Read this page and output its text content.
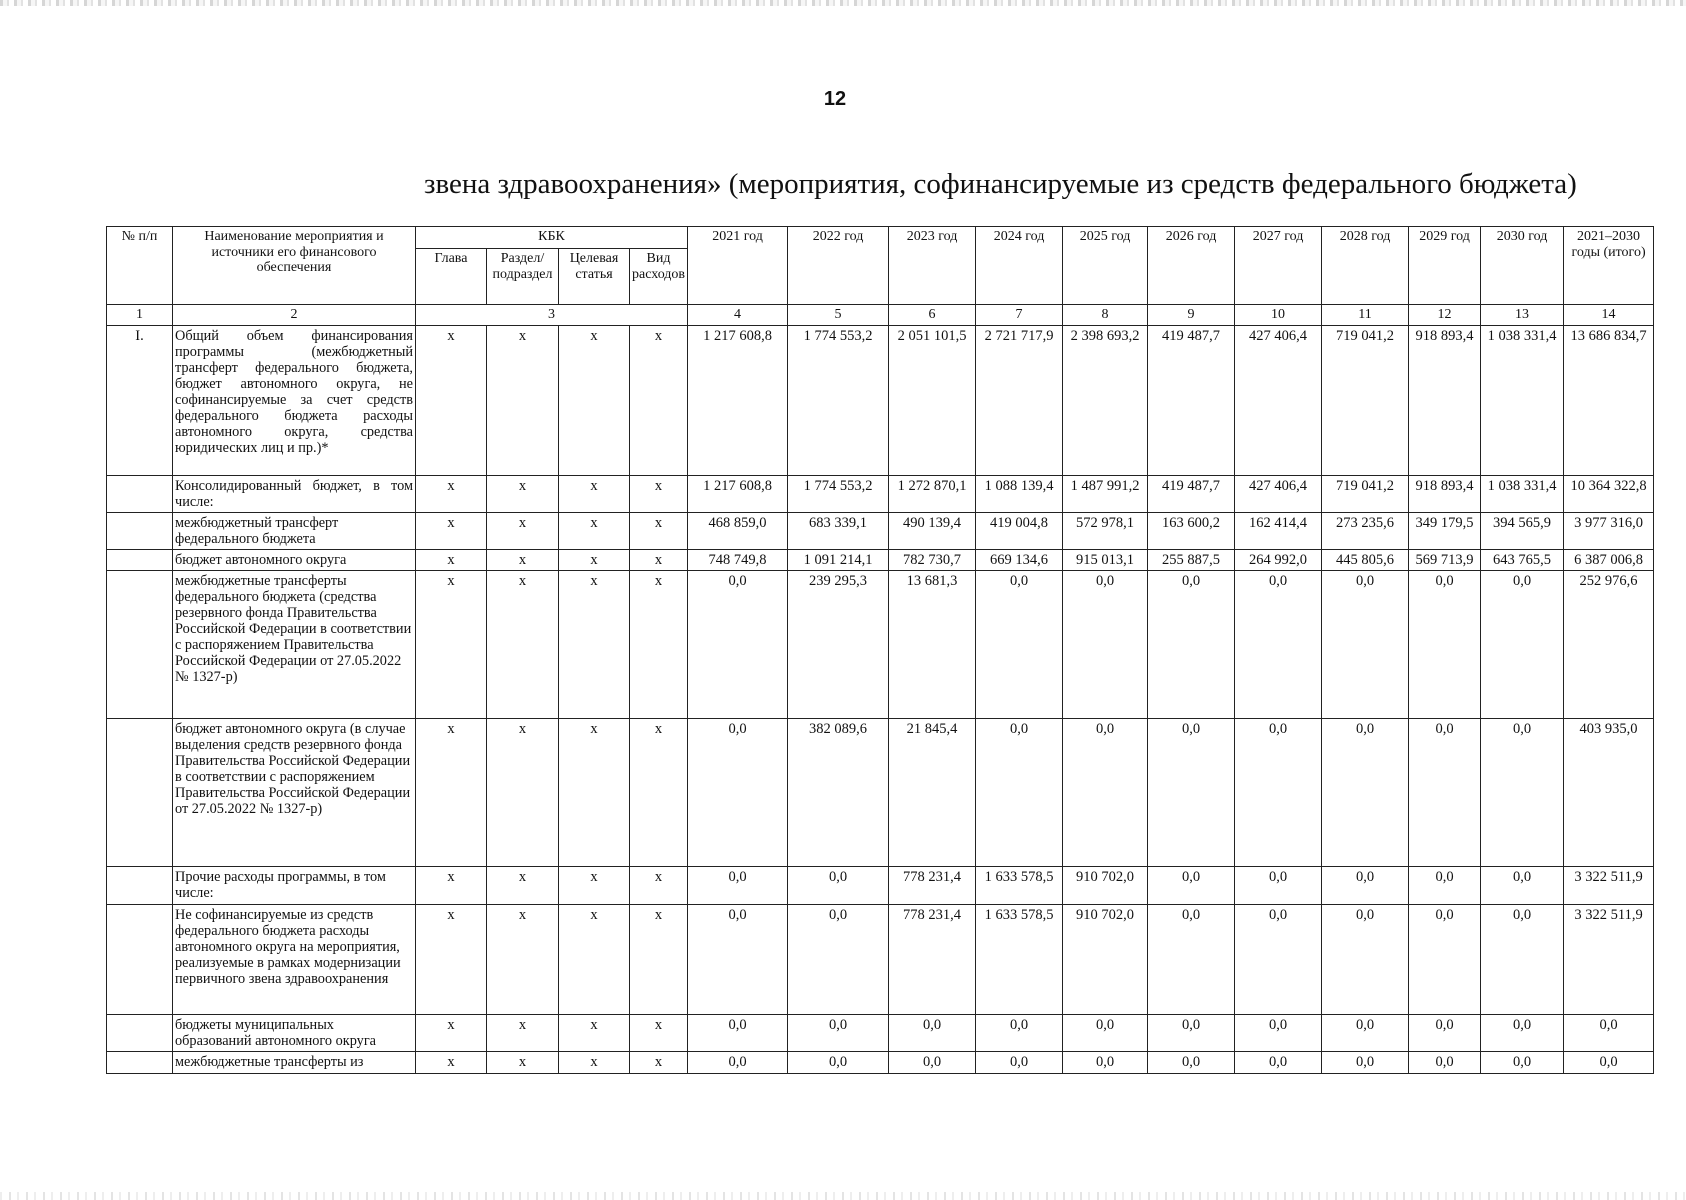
12
звена здравоохранения» (мероприятия, софинансируемые из средств федерального бюджета)
№ п/п	Наименование мероприятия и источники его финансового обеспечения	КБК				2021 год	2022 год	2023 год	2024 год	2025 год	2026 год	2027 год	2028 год	2029 год	2030 год	2021–2030 годы (итого)
		Глава	Раздел/ подраздел	Целевая статья	Вид расходов											
1	2	3				4	5	6	7	8	9	10	11	12	13	14
I.	Общий объем финансирования программы (межбюджетный трансферт федерального бюджета, бюджет автономного округа, не софинансируемые за счет средств федерального бюджета расходы автономного округа, средства юридических лиц и пр.)*	x	x	x	x	1 217 608,8	1 774 553,2	2 051 101,5	2 721 717,9	2 398 693,2	419 487,7	427 406,4	719 041,2	918 893,4	1 038 331,4	13 686 834,7
	Консолидированный бюджет, в том числе:	x	x	x	x	1 217 608,8	1 774 553,2	1 272 870,1	1 088 139,4	1 487 991,2	419 487,7	427 406,4	719 041,2	918 893,4	1 038 331,4	10 364 322,8
	межбюджетный трансферт федерального бюджета	x	x	x	x	468 859,0	683 339,1	490 139,4	419 004,8	572 978,1	163 600,2	162 414,4	273 235,6	349 179,5	394 565,9	3 977 316,0
	бюджет автономного округа	x	x	x	x	748 749,8	1 091 214,1	782 730,7	669 134,6	915 013,1	255 887,5	264 992,0	445 805,6	569 713,9	643 765,5	6 387 006,8
	межбюджетные трансферты федерального бюджета (средства резервного фонда Правительства Российской Федерации в соответствии с распоряжением Правительства Российской Федерации от 27.05.2022 № 1327-р)	x	x	x	x	0,0	239 295,3	13 681,3	0,0	0,0	0,0	0,0	0,0	0,0	0,0	252 976,6
	бюджет автономного округа (в случае выделения средств резервного фонда Правительства Российской Федерации в соответствии с распоряжением Правительства Российской Федерации от 27.05.2022 № 1327-р)	x	x	x	x	0,0	382 089,6	21 845,4	0,0	0,0	0,0	0,0	0,0	0,0	0,0	403 935,0
	Прочие расходы программы, в том числе:	x	x	x	x	0,0	0,0	778 231,4	1 633 578,5	910 702,0	0,0	0,0	0,0	0,0	0,0	3 322 511,9
	Не софинансируемые из средств федерального бюджета расходы автономного округа на мероприятия, реализуемые в рамках модернизации первичного звена здравоохранения	x	x	x	x	0,0	0,0	778 231,4	1 633 578,5	910 702,0	0,0	0,0	0,0	0,0	0,0	3 322 511,9
	бюджеты муниципальных образований автономного округа	x	x	x	x	0,0	0,0	0,0	0,0	0,0	0,0	0,0	0,0	0,0	0,0	0,0
	межбюджетные трансферты из	x	x	x	x	0,0	0,0	0,0	0,0	0,0	0,0	0,0	0,0	0,0	0,0	0,0
